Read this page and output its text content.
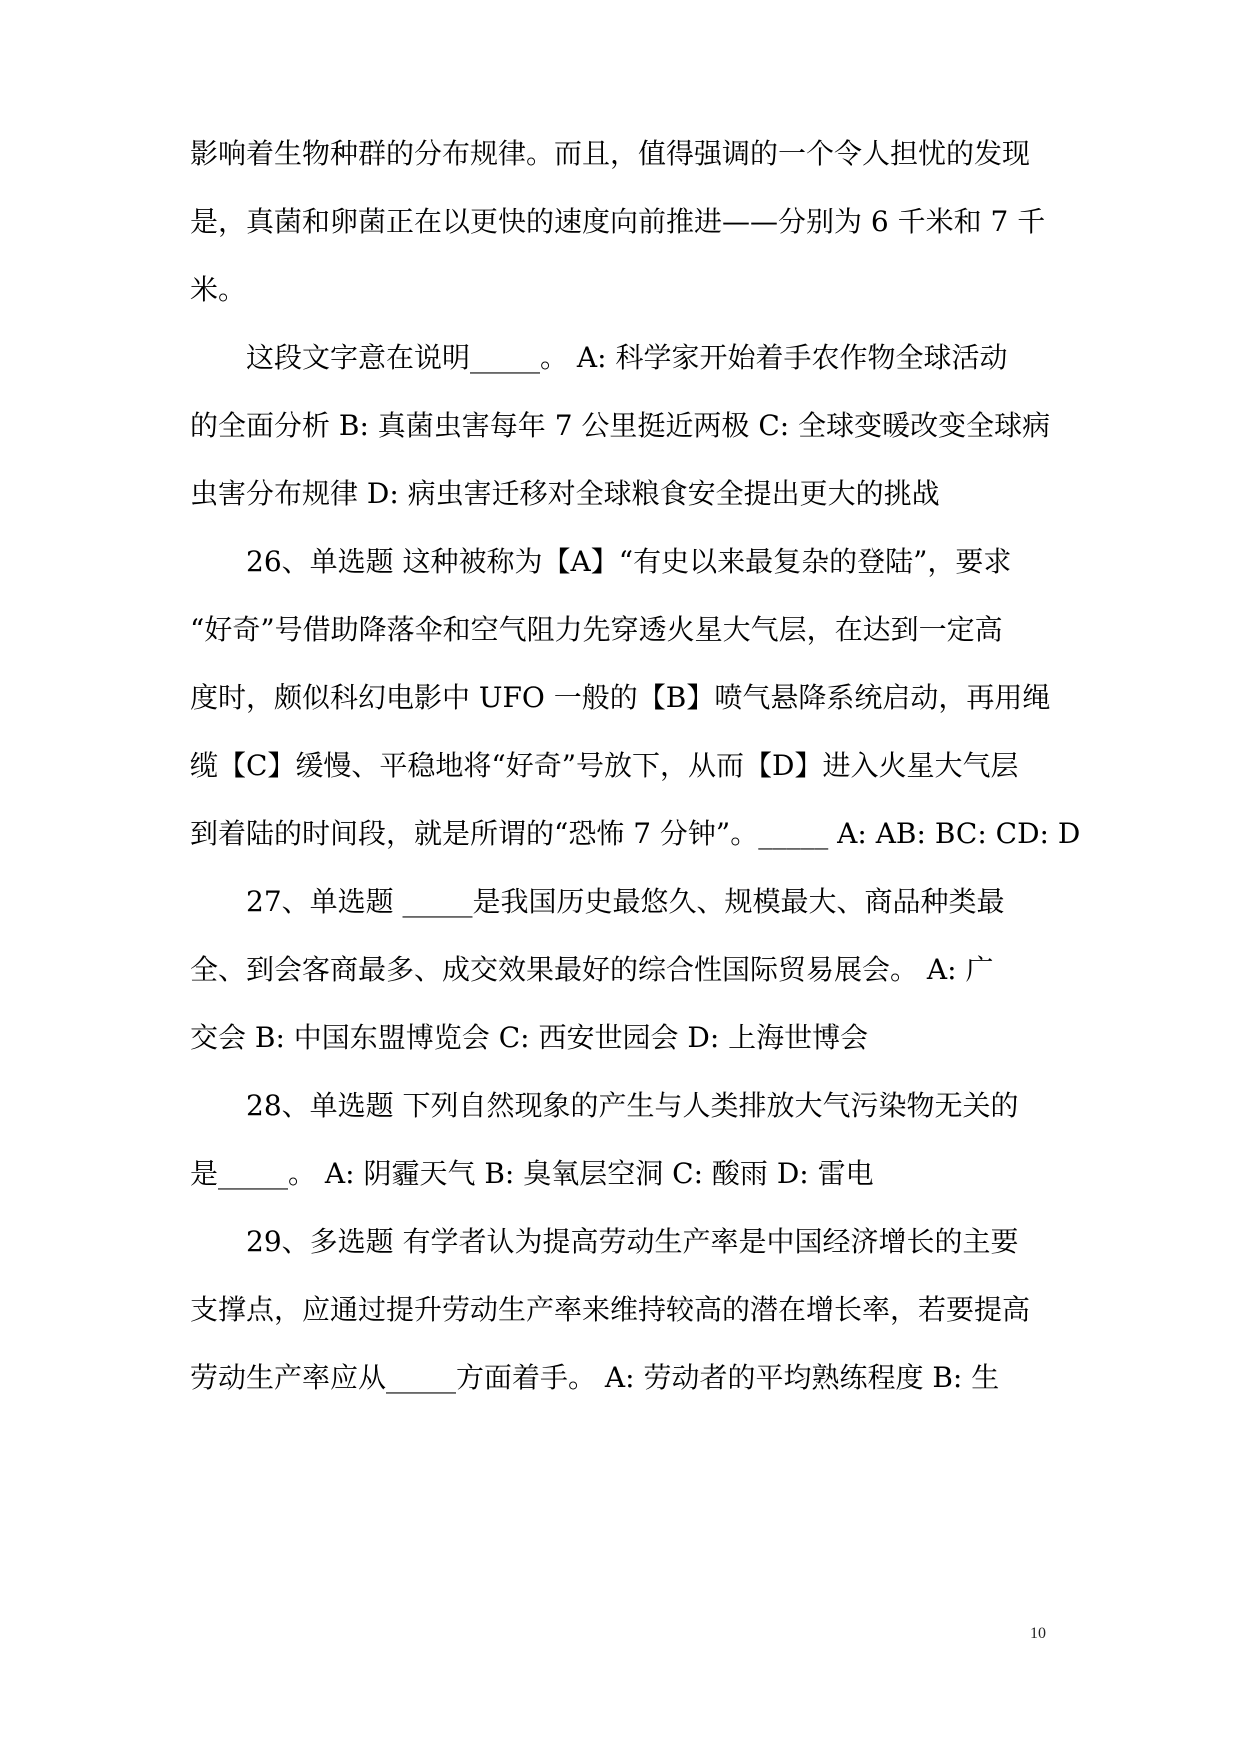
影响着生物种群的分布规律。而且，值得强调的一个令人担忧的发现
是，真菌和卵菌正在以更快的速度向前推进——分别为 6 千米和 7 千
米。
这段文字意在说明_____。 A: 科学家开始着手农作物全球活动
的全面分析 B: 真菌虫害每年 7 公里挺近两极 C: 全球变暖改变全球病
虫害分布规律 D: 病虫害迁移对全球粮食安全提出更大的挑战
26、单选题 这种被称为【A】“有史以来最复杂的登陆”，要求
“好奇”号借助降落伞和空气阻力先穿透火星大气层，在达到一定高
度时，颇似科幻电影中 UFO 一般的【B】喷气悬降系统启动，再用绳
缆【C】缓慢、平稳地将“好奇”号放下，从而【D】进入火星大气层
到着陆的时间段，就是所谓的“恐怖 7 分钟”。_____ A: AB: BC: CD: D
27、单选题 _____是我国历史最悠久、规模最大、商品种类最
全、到会客商最多、成交效果最好的综合性国际贸易展会。 A: 广
交会 B: 中国东盟博览会 C: 西安世园会 D: 上海世博会
28、单选题 下列自然现象的产生与人类排放大气污染物无关的
是_____。 A: 阴霾天气 B: 臭氧层空洞 C: 酸雨 D: 雷电
29、多选题 有学者认为提高劳动生产率是中国经济增长的主要
支撑点，应通过提升劳动生产率来维持较高的潜在增长率，若要提高
劳动生产率应从_____方面着手。 A: 劳动者的平均熟练程度 B: 生
10
